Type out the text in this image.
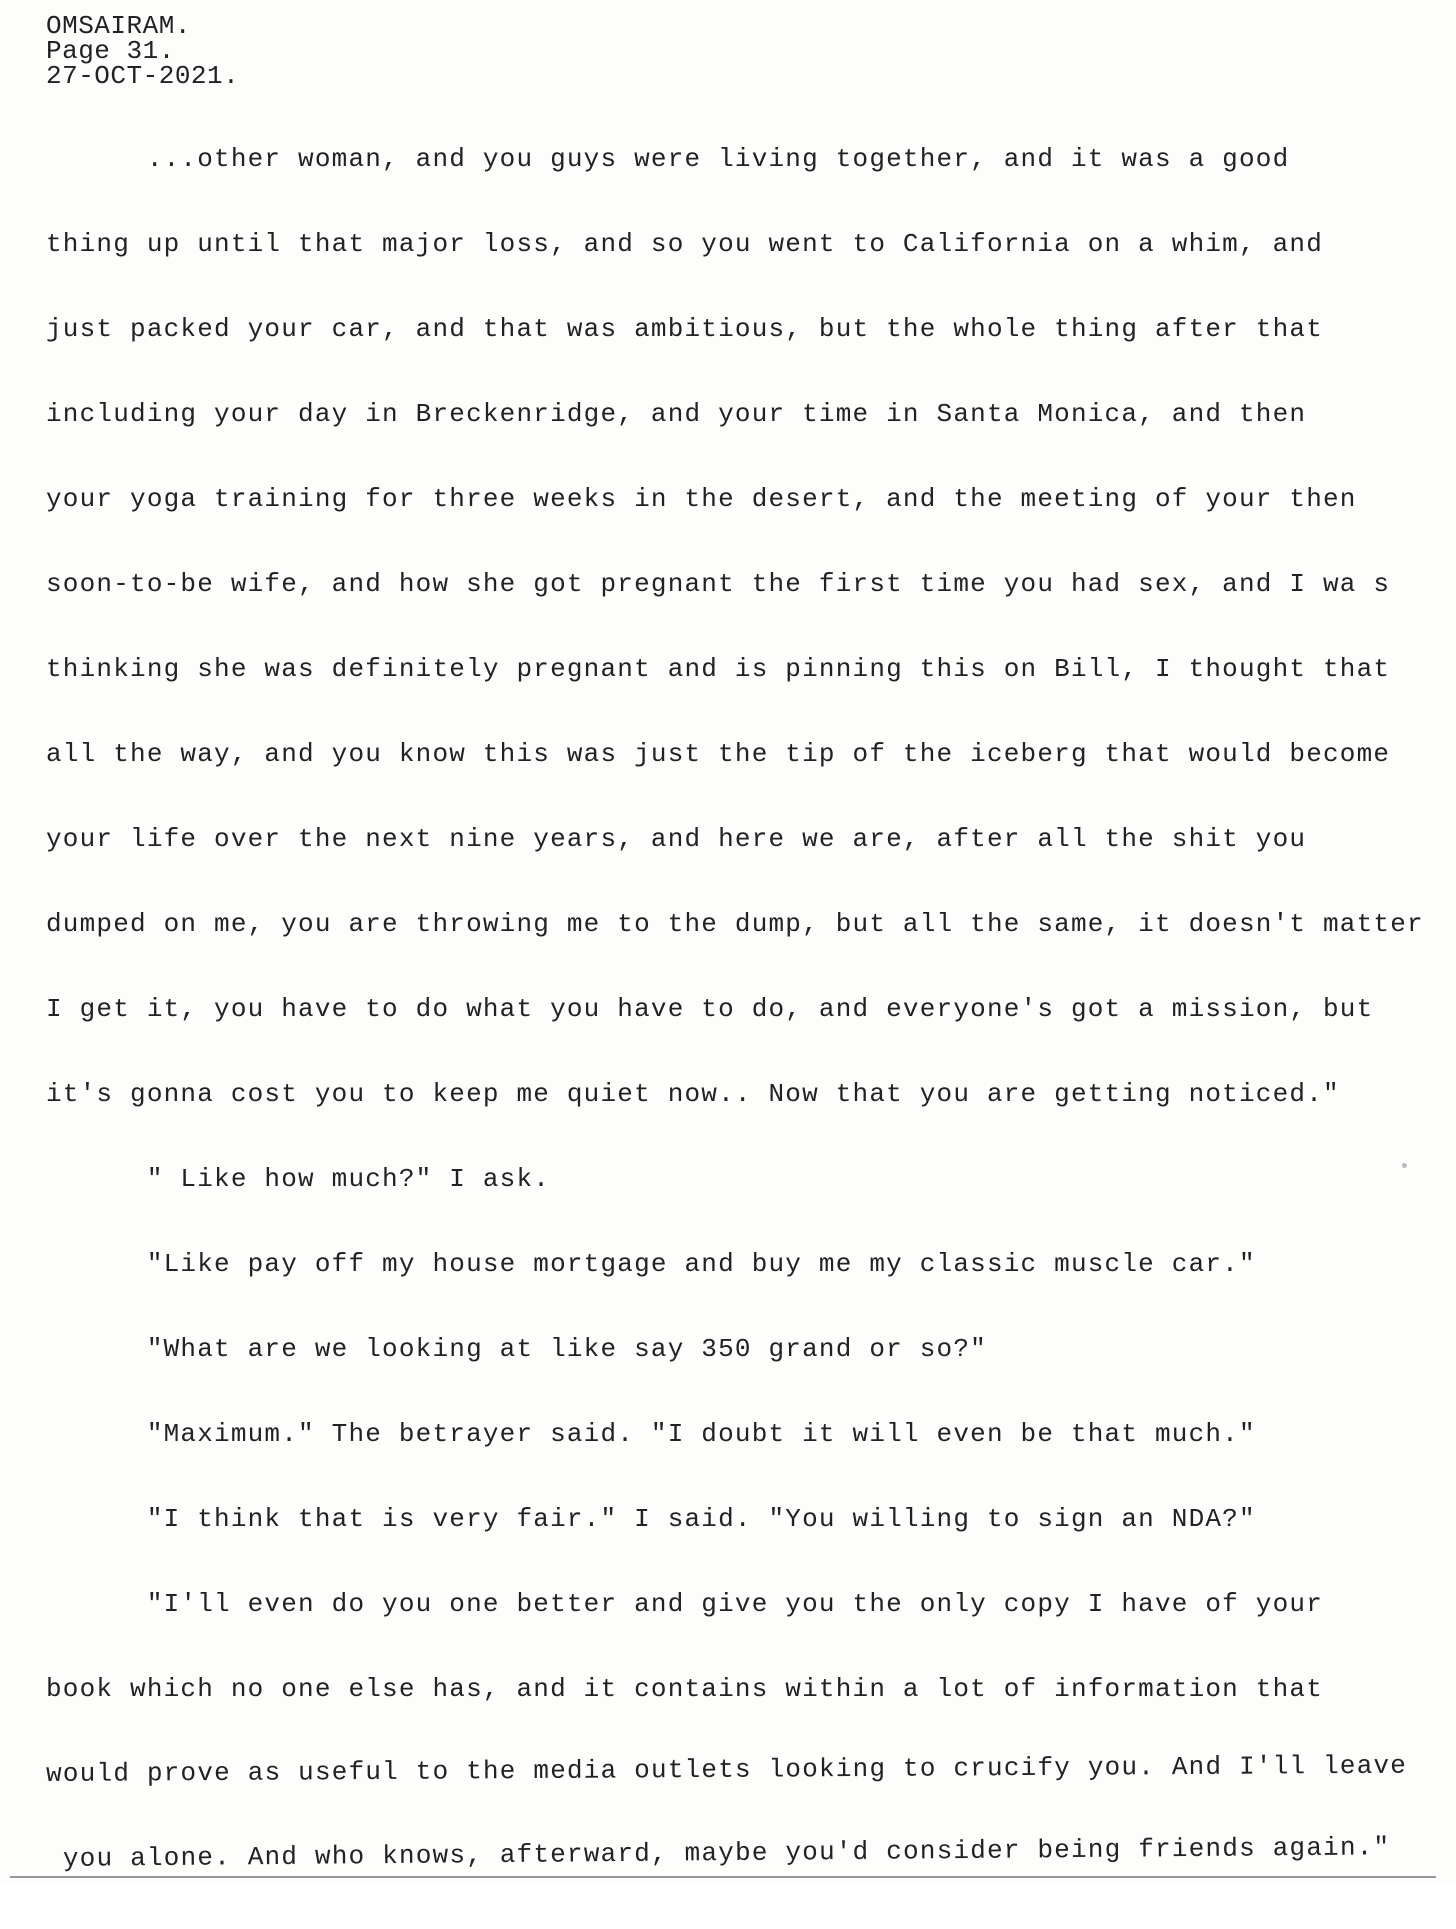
OMSAIRAM.
Page 31.
27-OCT-2021.
...other woman, and you guys were living together, and it was a good
thing up until that major loss, and so you went to California on a whim, and
just packed your car, and that was ambitious, but the whole thing after that
including your day in Breckenridge, and your time in Santa Monica, and then
your yoga training for three weeks in the desert, and the meeting of your then
soon-to-be wife, and how she got pregnant the first time you had sex, and I wa s
thinking she was definitely pregnant and is pinning this on Bill, I thought that
all the way, and you know this was just the tip of the iceberg that would become
your life over the next nine years, and here we are, after all the shit you
dumped on me, you are throwing me to the dump, but all the same, it doesn't matter
I get it, you have to do what you have to do, and everyone's got a mission, but
it's gonna cost you to keep me quiet now.. Now that you are getting noticed."
" Like how much?" I ask.
"Like pay off my house mortgage and buy me my classic muscle car."
"What are we looking at like say 350 grand or so?"
"Maximum." The betrayer said. "I doubt it will even be that much."
"I think that is very fair." I said. "You willing to sign an NDA?"
"I'll even do you one better and give you the only copy I have of your
book which no one else has, and it contains within a lot of information that
would prove as useful to the media outlets looking to crucify you. And I'll leave
you alone. And who knows, afterward, maybe you'd consider being friends again."
